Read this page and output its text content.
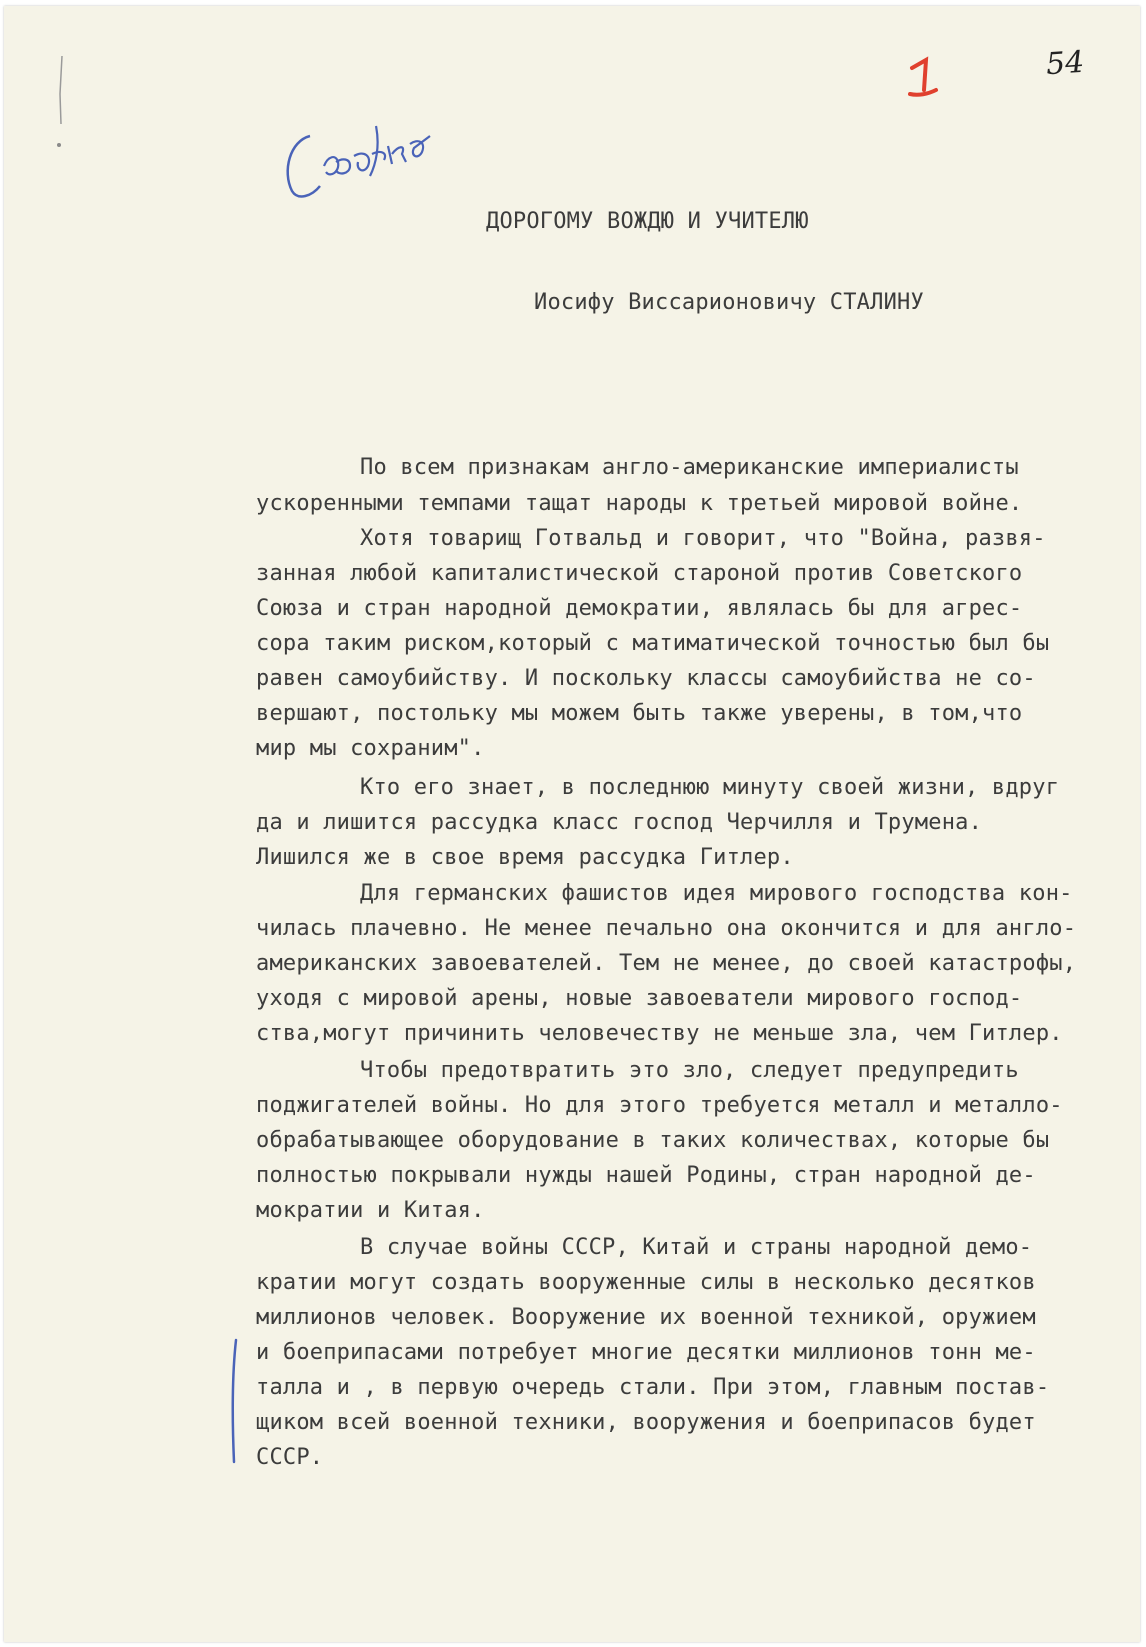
Сводка
1	54
ДОРОГОМУ ВОЖДЮ И УЧИТЕЛЮ
Иосифу Виссарионовичу СТАЛИНУ
По всем признакам англо-американские империалисты
ускоренными темпами тащат народы к третьей мировой войне.
Хотя товарищ Готвальд и говорит, что "Война, развя-
занная любой капиталистической староной против Советского
Союза и стран народной демократии, являлась бы для агрес-
сора таким риском,который с матиматической точностью был бы
равен самоубийству. И поскольку классы самоубийства не со-
вершают, постольку мы можем быть также уверены, в том,что
мир мы сохраним".
Кто его знает, в последнюю минуту своей жизни, вдруг
да и лишится рассудка класс господ Черчилля и Трумена.
Лишился же в свое время рассудка Гитлер.
Для германских фашистов идея мирового господства кон-
чилась плачевно. Не менее печально она окончится и для англо-
американских завоевателей. Тем не менее, до своей катастрофы,
уходя с мировой арены, новые завоеватели мирового господ-
ства,могут причинить человечеству не меньше зла, чем Гитлер.
Чтобы предотвратить это зло, следует предупредить
поджигателей войны. Но для этого требуется металл и металло-
обрабатывающее оборудование в таких количествах, которые бы
полностью покрывали нужды нашей Родины, стран народной де-
мократии и Китая.
В случае войны СССР, Китай и страны народной демо-
кратии могут создать вооруженные силы в несколько десятков
миллионов человек. Вооружение их военной техникой, оружием
и боеприпасами потребует многие десятки миллионов тонн ме-
талла и , в первую очередь стали. При этом, главным постав-
щиком всей военной техники, вооружения и боеприпасов будет
СССР.
